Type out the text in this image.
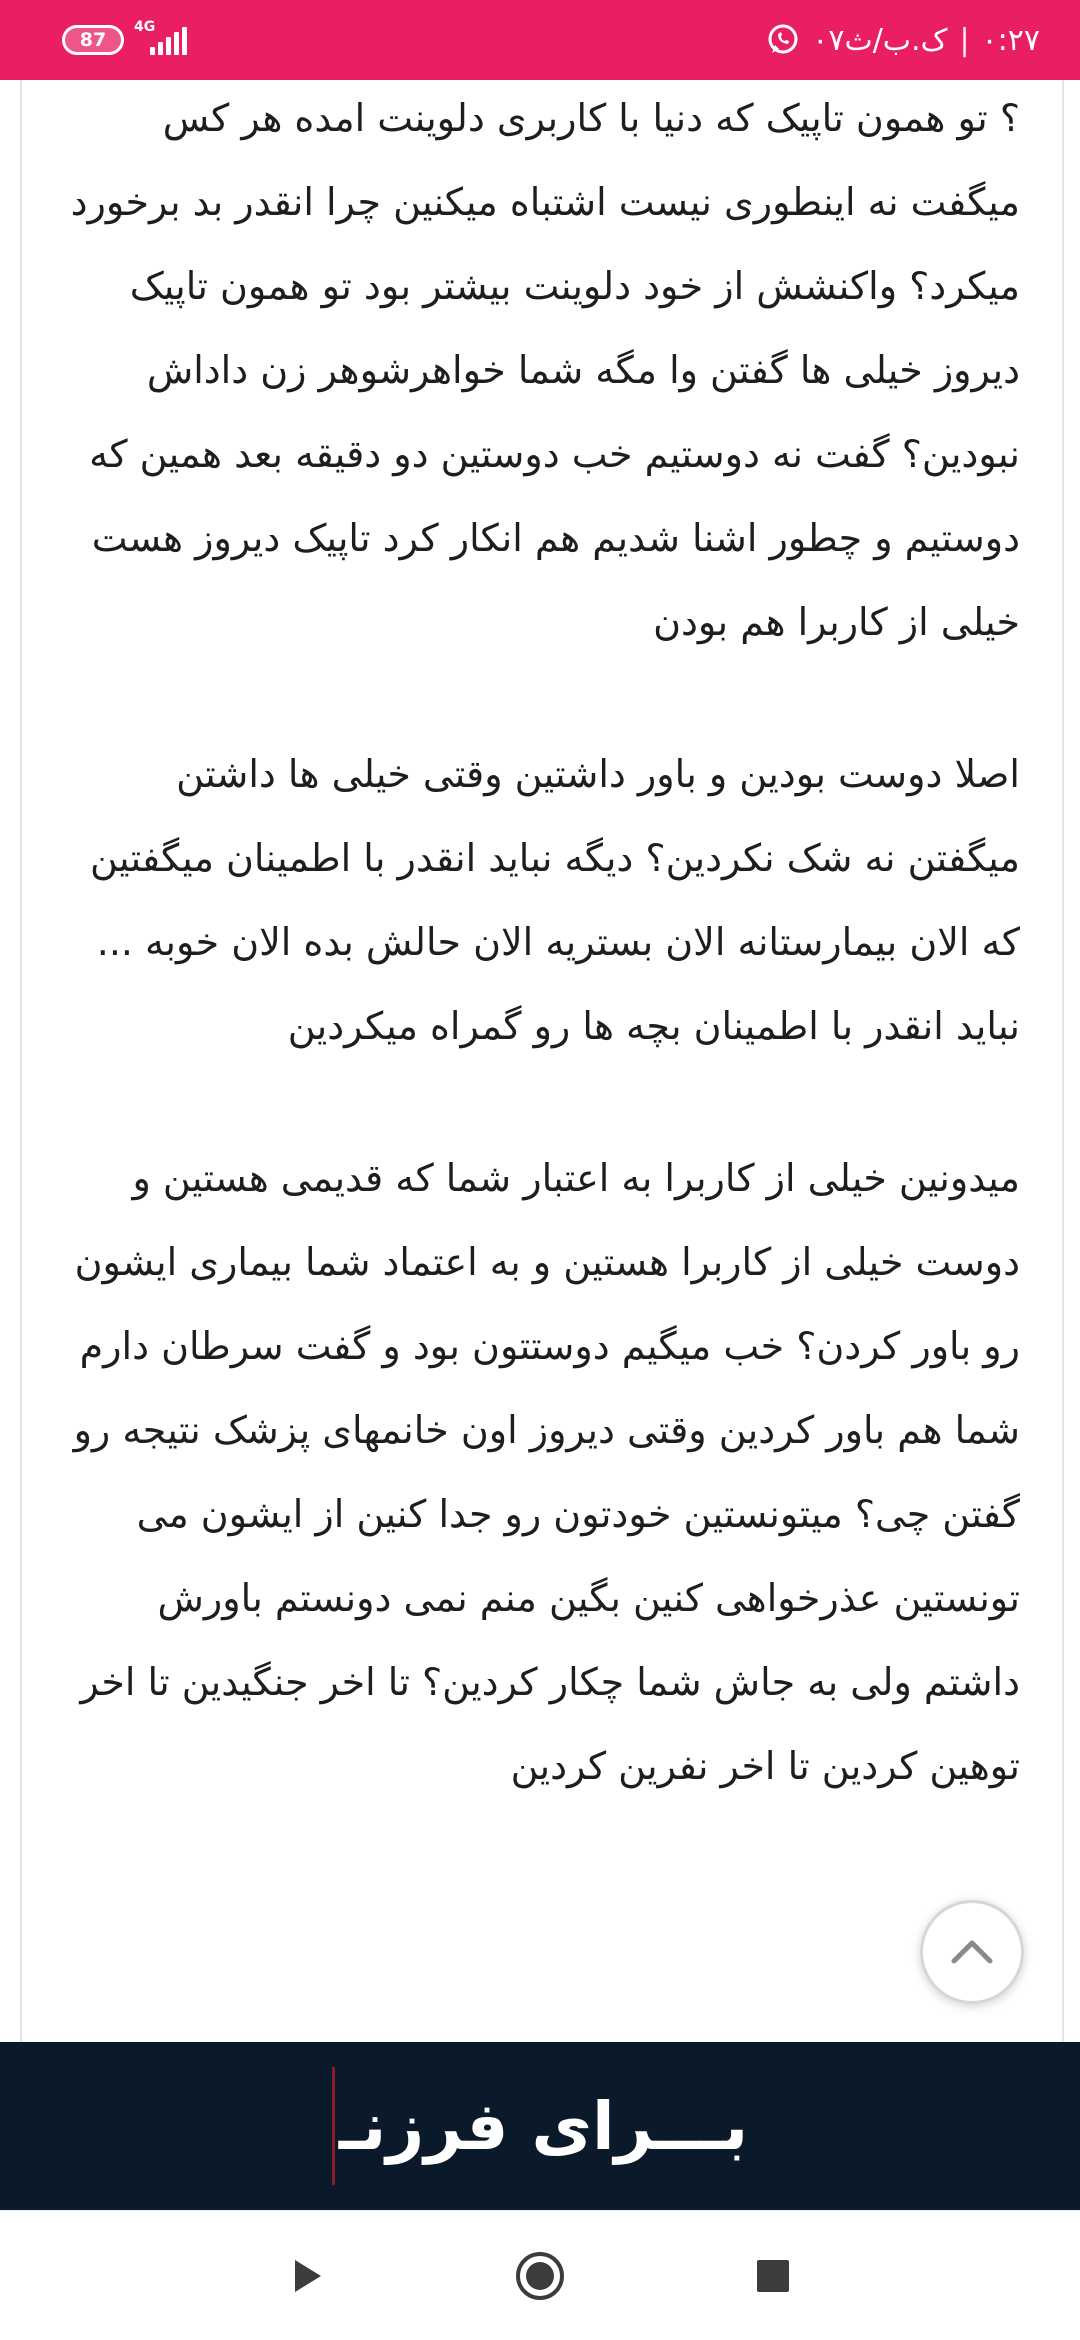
87
4G	۰۷ک.ب/ث | ۰:۲۷

؟ تو همون تاپیک که دنیا با کاربری دلوینت امده هر کس میگفت نه اینطوری نیست اشتباه میکنین چرا انقدر بد برخورد میکرد؟ واکنشش از خود دلوینت بیشتر بود تو همون تاپیک دیروز خیلی ها گفتن وا مگه شما خواهرشوهر زن داداش نبودین؟ گفت نه دوستیم خب دوستین دو دقیقه بعد همین که دوستیم و چطور اشنا شدیم هم انکار کرد تاپیک دیروز هست خیلی از کاربرا هم بودن

اصلا دوست بودین و باور داشتین وقتی خیلی ها داشتن میگفتن نه شک نکردین؟ دیگه نباید انقدر با اطمینان میگفتین که الان بیمارستانه الان بستریه الان حالش بده الان خوبه ... نباید انقدر با اطمینان بچه ها رو گمراه میکردین

میدونین خیلی از کاربرا به اعتبار شما که قدیمی هستین و دوست خیلی از کاربرا هستین و به اعتماد شما بیماری ایشون رو باور کردن؟ خب میگیم دوستتون بود و گفت سرطان دارم شما هم باور کردین وقتی دیروز اون خانمهای پزشک نتیجه رو گفتن چی؟ میتونستین خودتون رو جدا کنین از ایشون می تونستین عذرخواهی کنین بگین منم نمی دونستم باورش داشتم ولی به جاش شما چکار کردین؟ تا اخر جنگیدین تا اخر توهین کردین تا اخر نفرین کردین

بـــرای فرزنـ
